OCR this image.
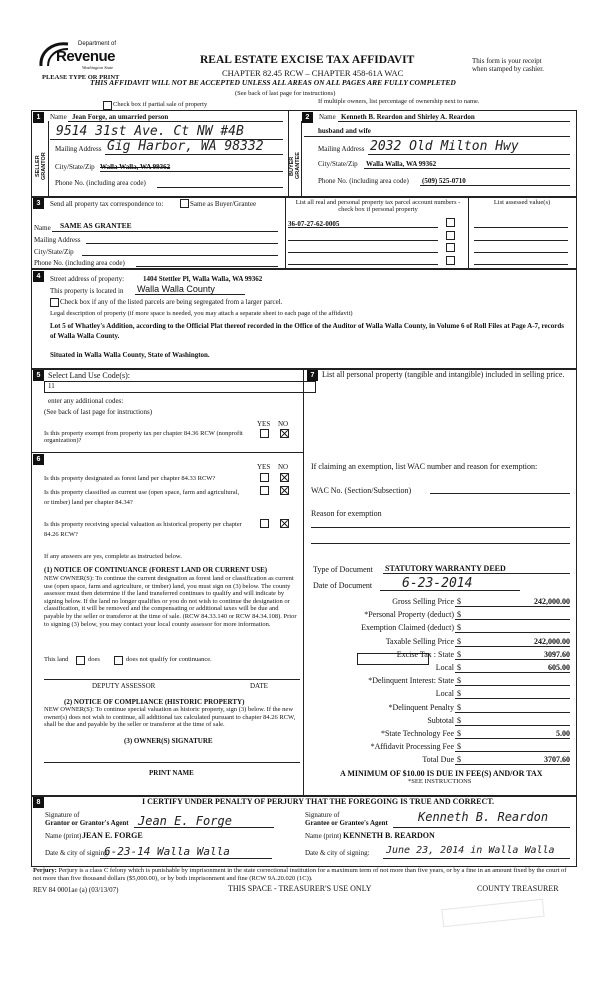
Department of
Revenue
Washington State
PLEASE TYPE OR PRINT
REAL ESTATE EXCISE TAX AFFIDAVIT
CHAPTER 82.45 RCW – CHAPTER 458-61A WAC
This form is your receipt
when stamped by cashier.
THIS AFFIDAVIT WILL NOT BE ACCEPTED UNLESS ALL AREAS ON ALL PAGES ARE FULLY COMPLETED
(See back of last page for instructions)
Check box if partial sale of property	If multiple owners, list percentage of ownership next to name.
1
SELLER GRANTOR
Name Jean Forge, an umarried person
9514 31st Ave. Ct NW #4B
Mailing Address Gig Harbor, WA 98332
City/State/Zip Walla Walla, WA 99362
Phone No. (including area code)
2
BUYER GRANTEE
Name Kenneth B. Reardon and Shirley A. Reardon
husband and wife
Mailing Address 2032 Old Milton Hwy
City/State/Zip Walla Walla, WA 99362
Phone No. (including area code) (509) 525-0710
3	Send all property tax correspondence to:	Same as Buyer/Grantee	List all real and personal property tax parcel account numbers - check box if personal property
List assessed value(s)
Name SAME AS GRANTEE
Mailing Address
City/State/Zip
Phone No. (including area code)
36-07-27-62-0005
4	Street address of property:	1404 Stettler Pl, Walla Walla, WA 99362
This property is located in Walla Walla County
Check box if any of the listed parcels are being segregated from a larger parcel.
Legal description of property (if more space is needed, you may attach a separate sheet to each page of the affidavit)
Lot 5 of Whatley's Addition, according to the Official Plat thereof recorded in the Office of the Auditor of Walla Walla County, in Volume 6 of Roll Files at Page A-7, records of Walla Walla County.
Situated in Walla Walla County, State of Washington.
5 Select Land Use Code(s):
11
enter any additional codes:
(See back of last page for instructions)
YES NO
Is this property exempt from property tax per chapter 84.36 RCW (nonprofit organization)?
6
YES NO
Is this property designated as forest land per chapter 84.33 RCW?
Is this property classified as current use (open space, farm and agricultural, or timber) land per chapter 84.34?
Is this property receiving special valuation as historical property per chapter 84.26 RCW?
If any answers are yes, complete as instructed below.
(1) NOTICE OF CONTINUANCE (FOREST LAND OR CURRENT USE)
NEW OWNER(S): To continue the current designation as forest land or classification as current use (open space, farm and agriculture, or timber) land, you must sign on (3) below. The county assessor must then determine if the land transferred continues to qualify and will indicate by signing below. If the land no longer qualifies or you do not wish to continue the designation or classification, it will be removed and the compensating or additional taxes will be due and payable by the seller or transferor at the time of sale. (RCW 84.33.140 or RCW 84.34.108). Prior to signing (3) below, you may contact your local county assessor for more information.
This land	does	does not qualify for continuance.
DEPUTY ASSESSOR	DATE
(2) NOTICE OF COMPLIANCE (HISTORIC PROPERTY)
NEW OWNER(S): To continue special valuation as historic property, sign (3) below. If the new owner(s) does not wish to continue, all additional tax calculated pursuant to chapter 84.26 RCW, shall be due and payable by the seller or transferor at the time of sale.
(3) OWNER(S) SIGNATURE
PRINT NAME
7 List all personal property (tangible and intangible) included in selling price.
If claiming an exemption, list WAC number and reason for exemption:
WAC No. (Section/Subsection)
Reason for exemption
Type of Document STATUTORY WARRANTY DEED
Date of Document 6-23-2014
Gross Selling Price $	242,000.00
*Personal Property (deduct) $
Exemption Claimed (deduct) $
Taxable Selling Price $	242,000.00
Excise Tax : State $	3097.60
Local $	605.00
*Delinquent Interest: State $
Local $
*Delinquent Penalty $
Subtotal $
*State Technology Fee $	5.00
*Affidavit Processing Fee $
Total Due $	3707.60
A MINIMUM OF $10.00 IS DUE IN FEE(S) AND/OR TAX
*SEE INSTRUCTIONS
8	I CERTIFY UNDER PENALTY OF PERJURY THAT THE FOREGOING IS TRUE AND CORRECT.
Signature of
Grantor or Grantor's Agent Jean E. Forge
Name (print) JEAN E. FORGE
Date & city of signing:
6-23-14 Walla Walla
Signature of
Grantee or Grantee's Agent	Kenneth B. Reardon
Name (print) KENNETH B. REARDON
Date & city of signing: June 23, 2014 in Walla Walla
Perjury: Perjury is a class C felony which is punishable by imprisonment in the state correctional institution for a maximum term of not more than five years, or by a fine in an amount fixed by the court of not more than five thousand dollars ($5,000.00), or by both imprisonment and fine (RCW 9A.20.020 (1C)).
REV 84 0001ae (a) (03/13/07)	THIS SPACE - TREASURER'S USE ONLY	COUNTY TREASURER
